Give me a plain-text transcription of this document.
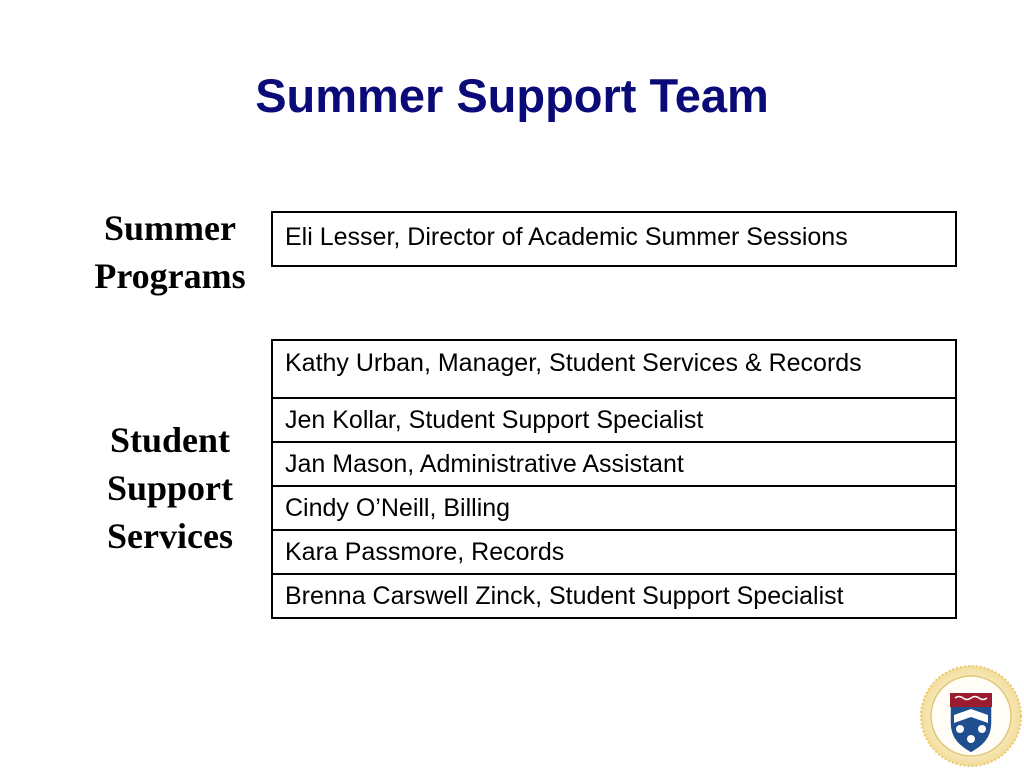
Summer Support Team
Summer Programs
Eli Lesser, Director of Academic Summer Sessions
Student Support Services
Kathy Urban, Manager, Student Services & Records
Jen Kollar, Student Support Specialist
Jan Mason, Administrative Assistant
Cindy O’Neill, Billing
Kara Passmore, Records
Brenna Carswell Zinck, Student Support Specialist
